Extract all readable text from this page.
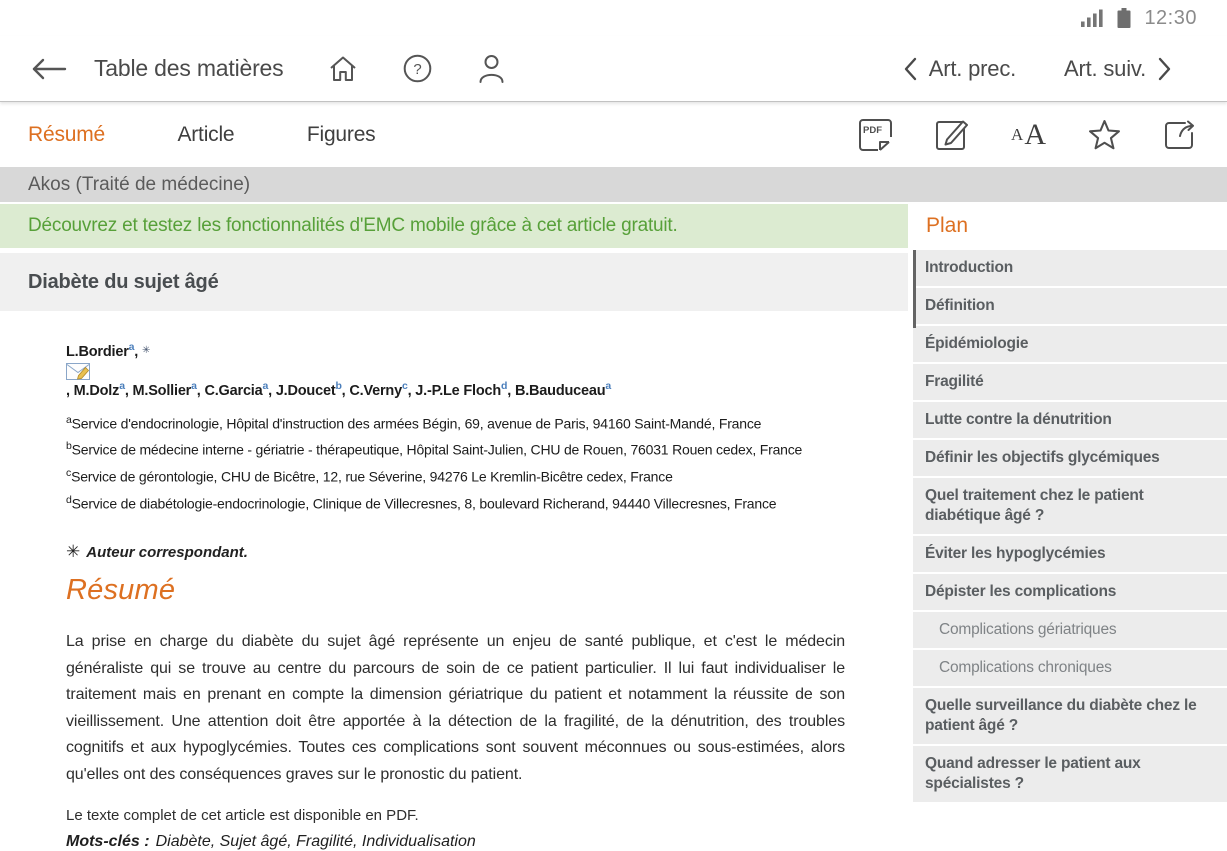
12:30
Table des matières	?	Art. prec. Art. suiv.
Résumé	Article	Figures	PDF	A A
Akos (Traité de médecine)
Découvrez et testez les fonctionnalités d'EMC mobile grâce à cet article gratuit.
Diabète du sujet âgé
L.Bordier$^a$ , ✳
, M.Dolz$^a$ , M.Sollier$^a$ , C.Garcia$^a$ , J.Doucet$^b$ , C.Verny$^c$ , J.-P.Le Floch$^d$ , B.Bauduceau$^a$
$^a$Service d'endocrinologie, Hôpital d'instruction des armées Bégin, 69, avenue de Paris, 94160 Saint-Mandé, France
$^b$Service de médecine interne - gériatrie - thérapeutique, Hôpital Saint-Julien, CHU de Rouen, 76031 Rouen cedex, France
$^c$Service de gérontologie, CHU de Bicêtre, 12, rue Séverine, 94276 Le Kremlin-Bicêtre cedex, France
$^d$Service de diabétologie-endocrinologie, Clinique de Villecresnes, 8, boulevard Richerand, 94440 Villecresnes, France
✳ Auteur correspondant.
Résumé

La prise en charge du diabète du sujet âgé représente un enjeu de santé publique, et c'est le médecin généraliste qui se trouve au centre du parcours de soin de ce patient particulier. Il lui faut individualiser le traitement mais en prenant en compte la dimension gériatrique du patient et notamment la réussite de son vieillissement. Une attention doit être apportée à la détection de la fragilité, de la dénutrition, des troubles cognitifs et aux hypoglycémies. Toutes ces complications sont souvent méconnues ou sous-estimées, alors qu'elles ont des conséquences graves sur le pronostic du patient.

Le texte complet de cet article est disponible en PDF.

Mots-clés : Diabète, Sujet âgé, Fragilité, Individualisation

Plan
Introduction
Définition
Épidémiologie
Fragilité
Lutte contre la dénutrition
Définir les objectifs glycémiques
Quel traitement chez le patient diabétique âgé ?
Éviter les hypoglycémies
Dépister les complications
Complications gériatriques
Complications chroniques
Quelle surveillance du diabète chez le patient âgé ?
Quand adresser le patient aux spécialistes ?
